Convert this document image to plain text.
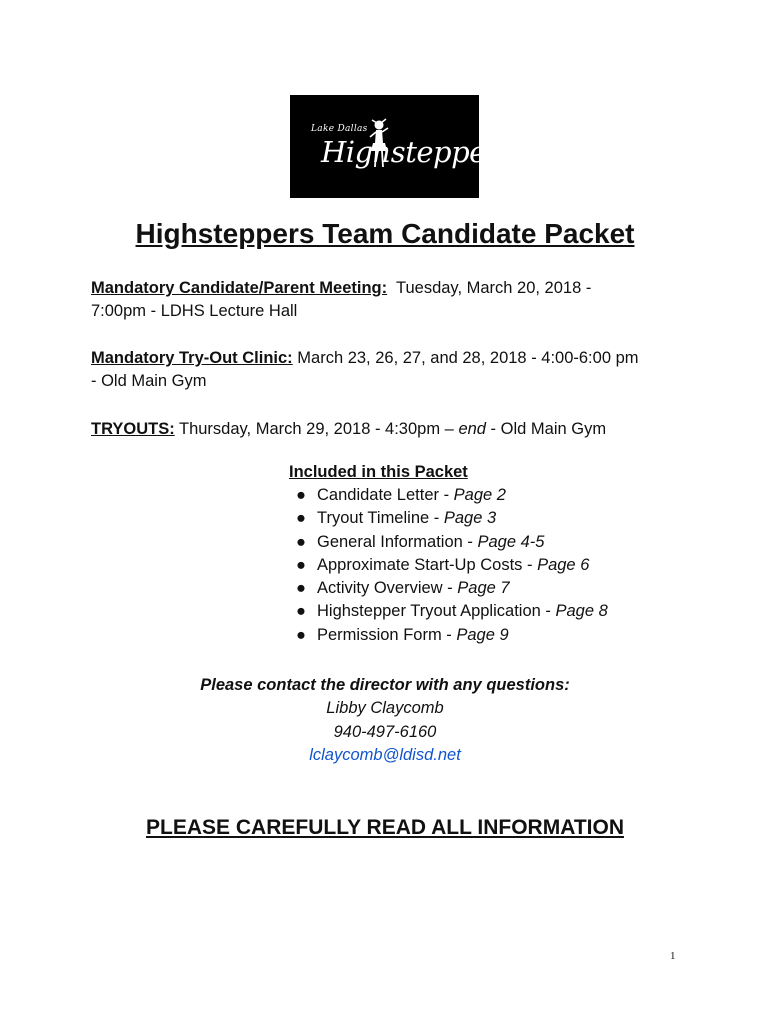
Lake Dallas
Highsteppers
Highsteppers Team Candidate Packet
Mandatory Candidate/Parent Meeting:  Tuesday, March 20, 2018 -
7:00pm - LDHS Lecture Hall
Mandatory Try-Out Clinic: March 23, 26, 27, and 28, 2018 - 4:00-6:00 pm
- Old Main Gym
TRYOUTS: Thursday, March 29, 2018 - 4:30pm – end - Old Main Gym
Included in this Packet
● Candidate Letter - Page 2
● Tryout Timeline - Page 3
● General Information - Page 4-5
● Approximate Start-Up Costs - Page 6
● Activity Overview - Page 7
● Highstepper Tryout Application - Page 8
● Permission Form - Page 9
Please contact the director with any questions:
Libby Claycomb
940-497-6160
lclaycomb@ldisd.net
PLEASE CAREFULLY READ ALL INFORMATION
1
